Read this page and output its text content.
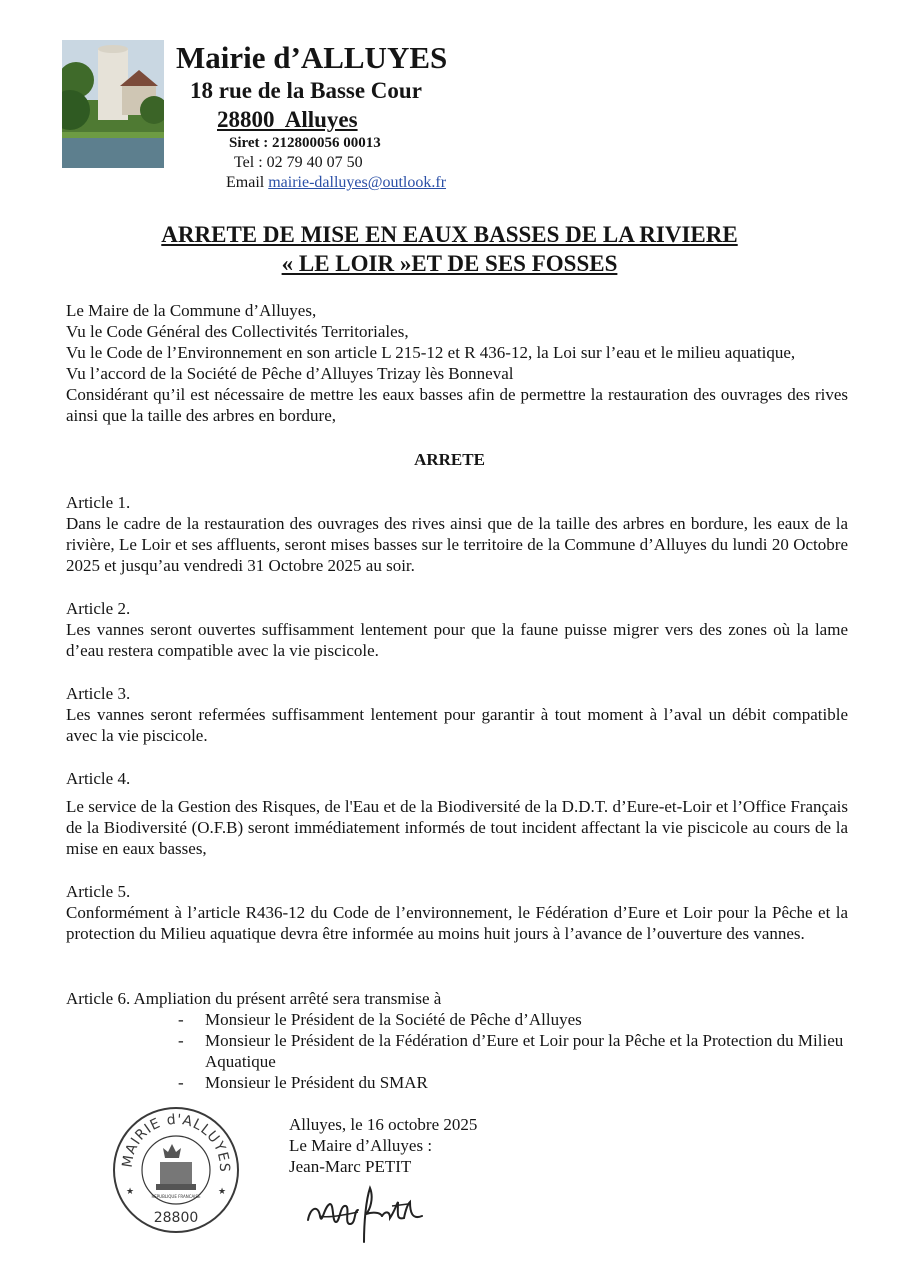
Mairie d’ALLUYES
18 rue de la Basse Cour
28800  Alluyes
Siret : 212800056 00013
Tel : 02 79 40 07 50
Email mairie-dalluyes@outlook.fr
ARRETE DE MISE EN EAUX BASSES DE LA RIVIERE
« LE LOIR »ET DE SES FOSSES
Le Maire de la Commune d’Alluyes,
Vu le Code Général des Collectivités Territoriales,
Vu le Code de l’Environnement en son article L 215-12 et R 436-12, la Loi sur l’eau et le milieu aquatique,
Vu l’accord de la Société de Pêche d’Alluyes Trizay lès Bonneval
Considérant qu’il est nécessaire de mettre les eaux basses afin de permettre la restauration des ouvrages des rives ainsi que la taille des arbres en bordure,
ARRETE
Article 1.
Dans le cadre de la restauration des ouvrages des rives ainsi que de la taille des arbres en bordure, les eaux de la rivière, Le Loir et ses affluents, seront mises basses sur le territoire de la Commune d’Alluyes du lundi 20 Octobre 2025 et jusqu’au vendredi 31 Octobre 2025 au soir.
Article 2.
Les vannes seront ouvertes suffisamment lentement pour que la faune puisse migrer vers des zones où la lame d’eau restera compatible avec la vie piscicole.
Article 3.
Les vannes seront refermées suffisamment lentement pour garantir à tout moment à l’aval un débit compatible avec la vie piscicole.
Article 4.
Le service de la Gestion des Risques, de l'Eau et de la Biodiversité de la D.D.T. d’Eure-et-Loir et l’Office Français de la Biodiversité (O.F.B) seront immédiatement informés de tout incident affectant la vie piscicole au cours de la mise en eaux basses,
Article 5.
Conformément à l’article R436-12 du Code de l’environnement, le Fédération d’Eure et Loir pour la Pêche et la protection du Milieu aquatique devra être informée au moins huit jours à l’avance de l’ouverture des vannes.
Article 6. Ampliation du présent arrêté sera transmise à
- Monsieur le Président de la Société de Pêche d’Alluyes
- Monsieur le Président de la Fédération d’Eure et Loir pour la Pêche et la Protection du Milieu Aquatique
- Monsieur le Président du SMAR
MAIRIE d'ALLUYES
REPUBLIQUE FRANCAISE
★	★
28800
Alluyes, le 16 octobre 2025
Le Maire d’Alluyes :
Jean-Marc PETIT
